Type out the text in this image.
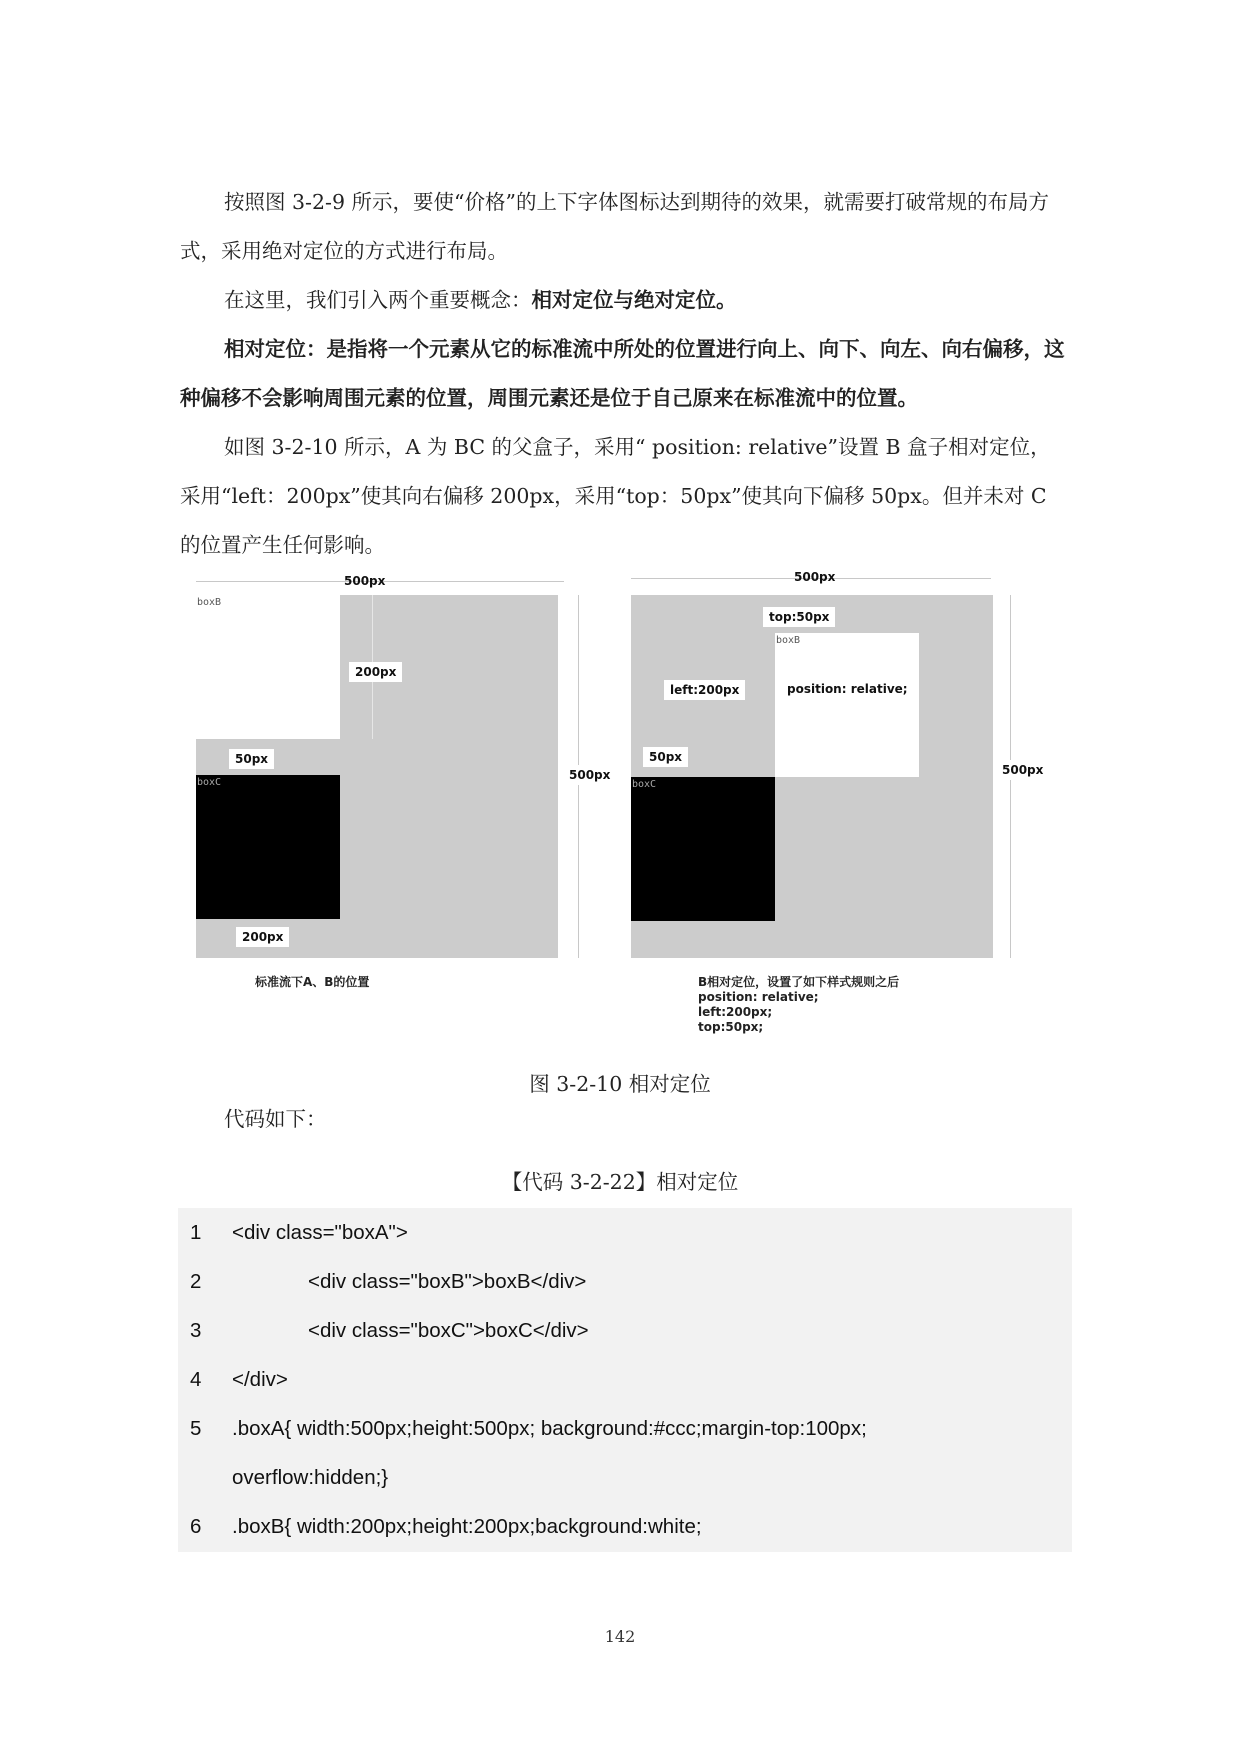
按照图 3-2-9 所示，要使“价格”的上下字体图标达到期待的效果，就需要打破常规的布局方式，采用绝对定位的方式进行布局。

在这里，我们引入两个重要概念：相对定位与绝对定位。

相对定位：是指将一个元素从它的标准流中所处的位置进行向上、向下、向左、向右偏移，这种偏移不会影响周围元素的位置，周围元素还是位于自己原来在标准流中的位置。

如图 3-2-10 所示，A 为 BC 的父盒子，采用“ position: relative”设置 B 盒子相对定位，采用“left：200px”使其向右偏移 200px，采用“top：50px”使其向下偏移 50px。但并未对 C 的位置产生任何影响。

500px
500px
boxB
200px
50px
boxC
200px
标准流下A、B的位置
500px
500px
top:50px
left:200px
boxB
position: relative;
50px
boxC
B相对定位，设置了如下样式规则之后
position: relative;
left:200px;
top:50px;
图 3-2-10 相对定位

代码如下：

【代码 3-2-22】相对定位
1	<div class="boxA">
2	<div class="boxB">boxB</div>
3	<div class="boxC">boxC</div>
4	</div>
5	.boxA{ width:500px;height:500px; background:#ccc;margin-top:100px;
overflow:hidden;}
6	.boxB{ width:200px;height:200px;background:white;
142
